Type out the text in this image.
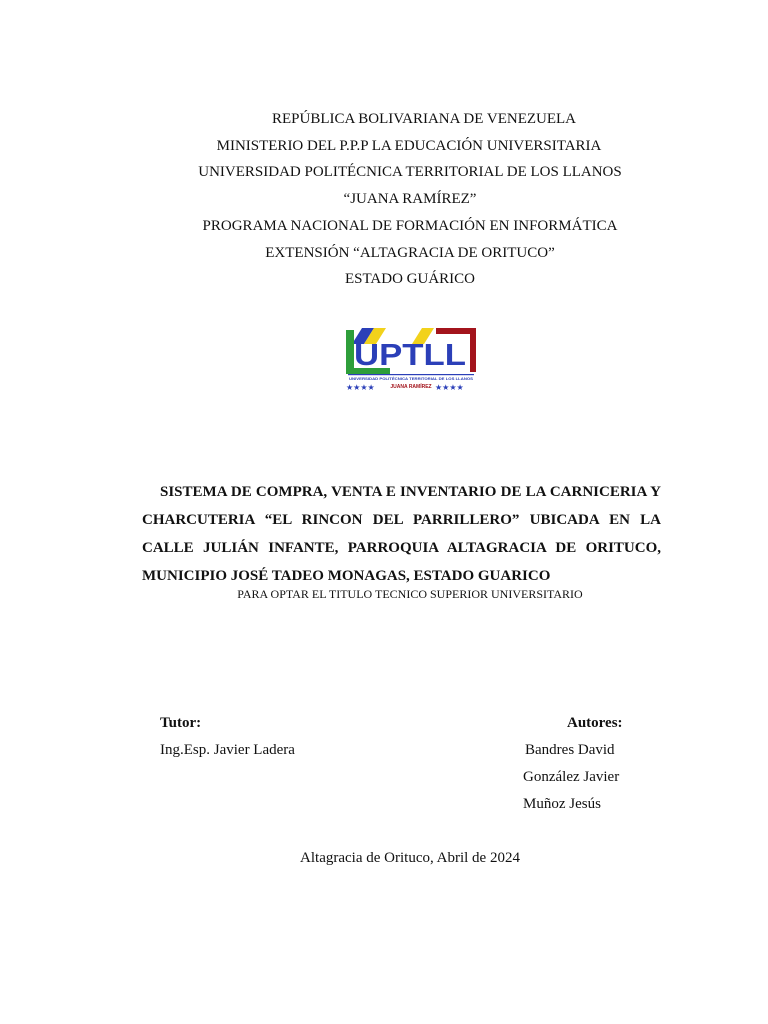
REPÚBLICA BOLIVARIANA DE VENEZUELA
MINISTERIO DEL P.P.P LA EDUCACIÓN UNIVERSITARIA
UNIVERSIDAD POLITÉCNICA TERRITORIAL DE LOS LLANOS
“JUANA RAMÍREZ”
PROGRAMA NACIONAL DE FORMACIÓN EN INFORMÁTICA
EXTENSIÓN “ALTAGRACIA DE ORITUCO”
ESTADO GUÁRICO
UPTLL
UNIVERSIDAD POLITÉCNICA TERRITORIAL DE LOS LLANOS
★★★★	JUANA RAMÍREZ ★★★★
SISTEMA DE COMPRA, VENTA E INVENTARIO DE LA CARNICERIA Y CHARCUTERIA “EL RINCON DEL PARRILLERO” UBICADA EN LA CALLE JULIÁN INFANTE, PARROQUIA ALTAGRACIA DE ORITUCO, MUNICIPIO JOSÉ TADEO MONAGAS, ESTADO GUARICO
PARA OPTAR EL TITULO TECNICO SUPERIOR UNIVERSITARIO
Tutor:
Ing.Esp. Javier Ladera
Autores:
Bandres David
González Javier
Muñoz Jesús
Altagracia de Orituco, Abril de 2024
